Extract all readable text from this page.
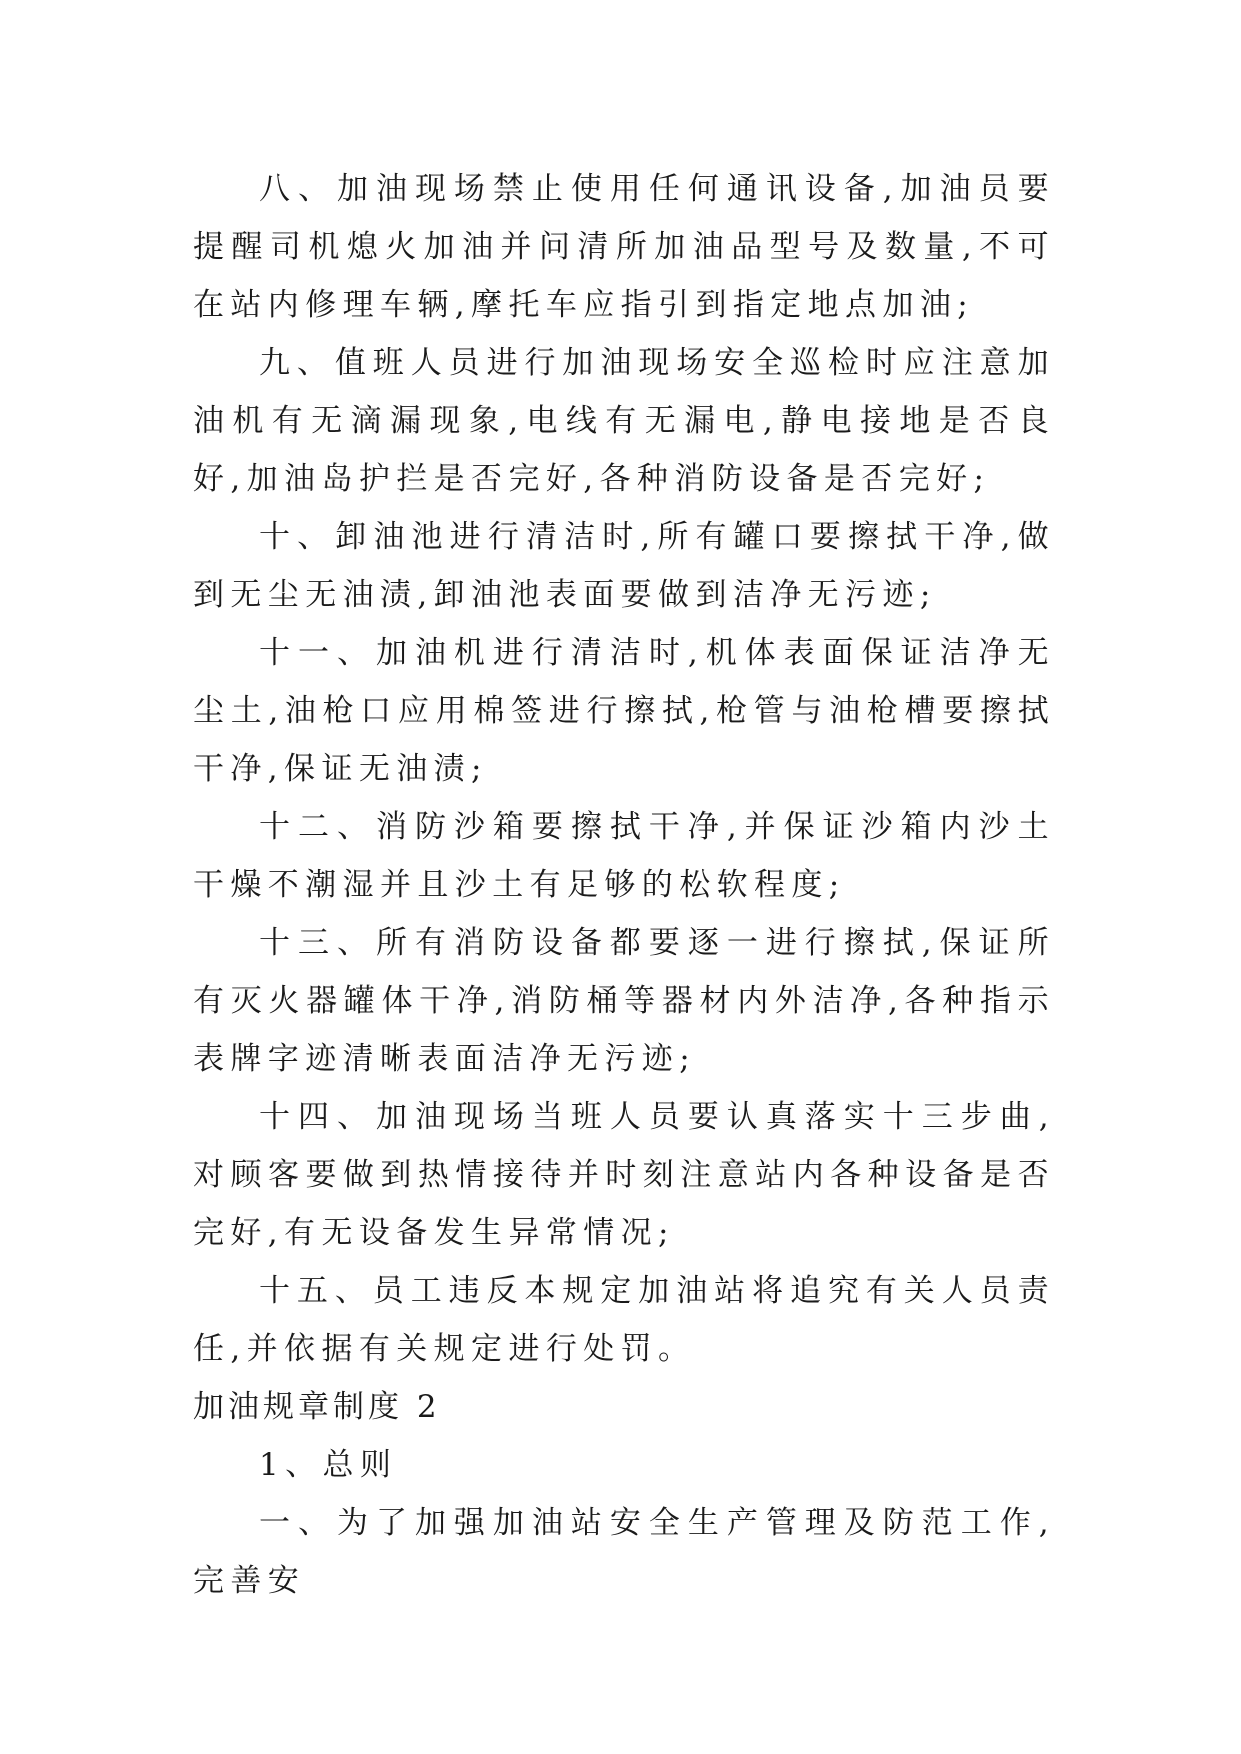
八、加油现场禁止使用任何通讯设备,加油员要提醒司机熄火加油并问清所加油品型号及数量,不可在站内修理车辆,摩托车应指引到指定地点加油;

九、值班人员进行加油现场安全巡检时应注意加油机有无滴漏现象,电线有无漏电,静电接地是否良好,加油岛护拦是否完好,各种消防设备是否完好;

十、卸油池进行清洁时,所有罐口要擦拭干净,做到无尘无油渍,卸油池表面要做到洁净无污迹;

十一、加油机进行清洁时,机体表面保证洁净无尘土,油枪口应用棉签进行擦拭,枪管与油枪槽要擦拭干净,保证无油渍;

十二、消防沙箱要擦拭干净,并保证沙箱内沙土干燥不潮湿并且沙土有足够的松软程度;

十三、所有消防设备都要逐一进行擦拭,保证所有灭火器罐体干净,消防桶等器材内外洁净,各种指示表牌字迹清晰表面洁净无污迹;

十四、加油现场当班人员要认真落实十三步曲,对顾客要做到热情接待并时刻注意站内各种设备是否完好,有无设备发生异常情况;

十五、员工违反本规定加油站将追究有关人员责任,并依据有关规定进行处罚。

加油规章制度 2

1、总则

一、为了加强加油站安全生产管理及防范工作,完善安
